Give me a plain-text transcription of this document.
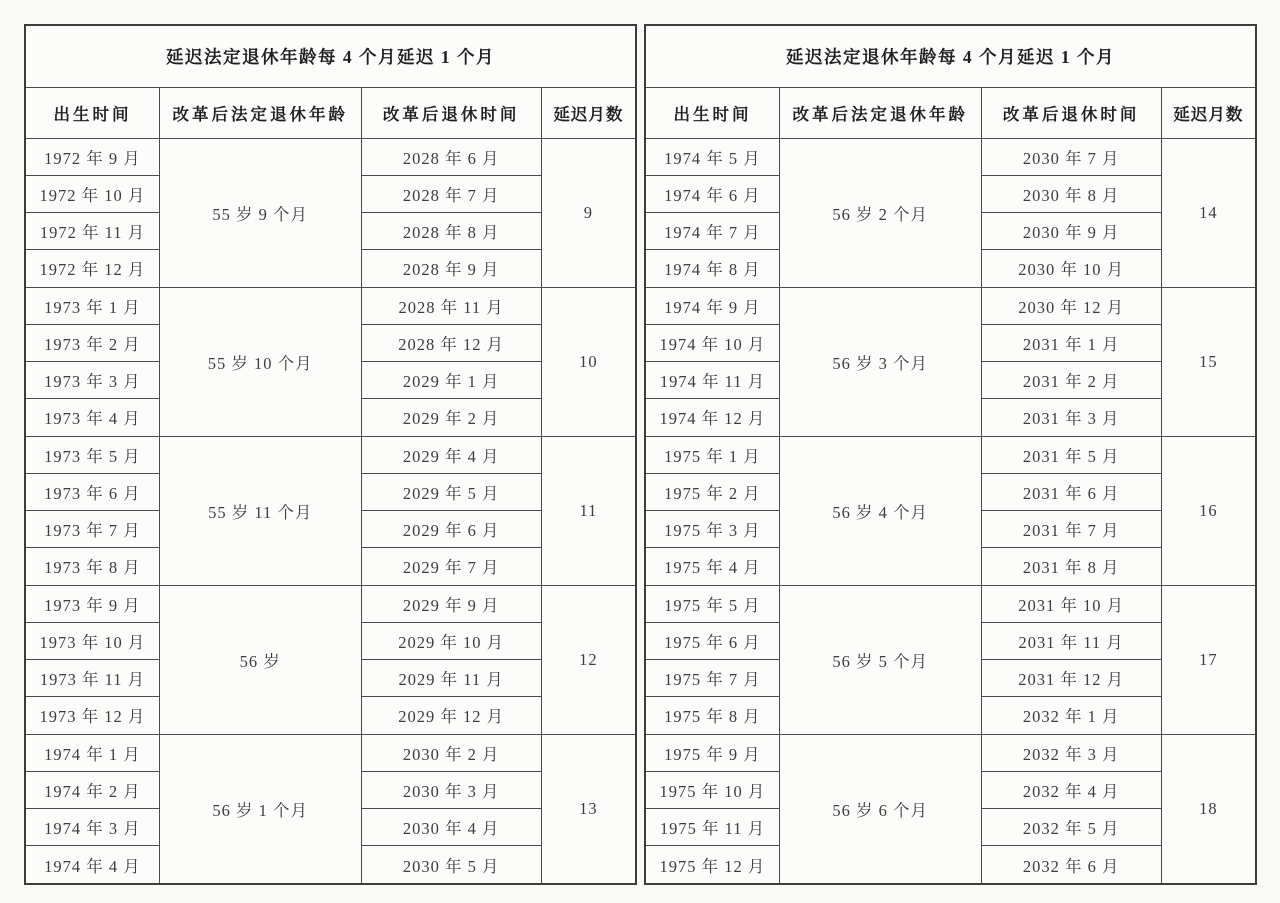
延迟法定退休年龄每 4 个月延迟 1 个月			
出生时间	改革后法定退休年龄	改革后退休时间	延迟月数
1972 年 9 月	55 岁 9 个月	2028 年 6 月	9
1972 年 10 月		2028 年 7 月	
1972 年 11 月		2028 年 8 月	
1972 年 12 月		2028 年 9 月	
1973 年 1 月	55 岁 10 个月	2028 年 11 月	10
1973 年 2 月		2028 年 12 月	
1973 年 3 月		2029 年 1 月	
1973 年 4 月		2029 年 2 月	
1973 年 5 月	55 岁 11 个月	2029 年 4 月	11
1973 年 6 月		2029 年 5 月	
1973 年 7 月		2029 年 6 月	
1973 年 8 月		2029 年 7 月	
1973 年 9 月	56 岁	2029 年 9 月	12
1973 年 10 月		2029 年 10 月	
1973 年 11 月		2029 年 11 月	
1973 年 12 月		2029 年 12 月	
1974 年 1 月	56 岁 1 个月	2030 年 2 月	13
1974 年 2 月		2030 年 3 月	
1974 年 3 月		2030 年 4 月	
1974 年 4 月		2030 年 5 月	
延迟法定退休年龄每 4 个月延迟 1 个月			
出生时间	改革后法定退休年龄	改革后退休时间	延迟月数
1974 年 5 月	56 岁 2 个月	2030 年 7 月	14
1974 年 6 月		2030 年 8 月	
1974 年 7 月		2030 年 9 月	
1974 年 8 月		2030 年 10 月	
1974 年 9 月	56 岁 3 个月	2030 年 12 月	15
1974 年 10 月		2031 年 1 月	
1974 年 11 月		2031 年 2 月	
1974 年 12 月		2031 年 3 月	
1975 年 1 月	56 岁 4 个月	2031 年 5 月	16
1975 年 2 月		2031 年 6 月	
1975 年 3 月		2031 年 7 月	
1975 年 4 月		2031 年 8 月	
1975 年 5 月	56 岁 5 个月	2031 年 10 月	17
1975 年 6 月		2031 年 11 月	
1975 年 7 月		2031 年 12 月	
1975 年 8 月		2032 年 1 月	
1975 年 9 月	56 岁 6 个月	2032 年 3 月	18
1975 年 10 月		2032 年 4 月	
1975 年 11 月		2032 年 5 月	
1975 年 12 月		2032 年 6 月	
